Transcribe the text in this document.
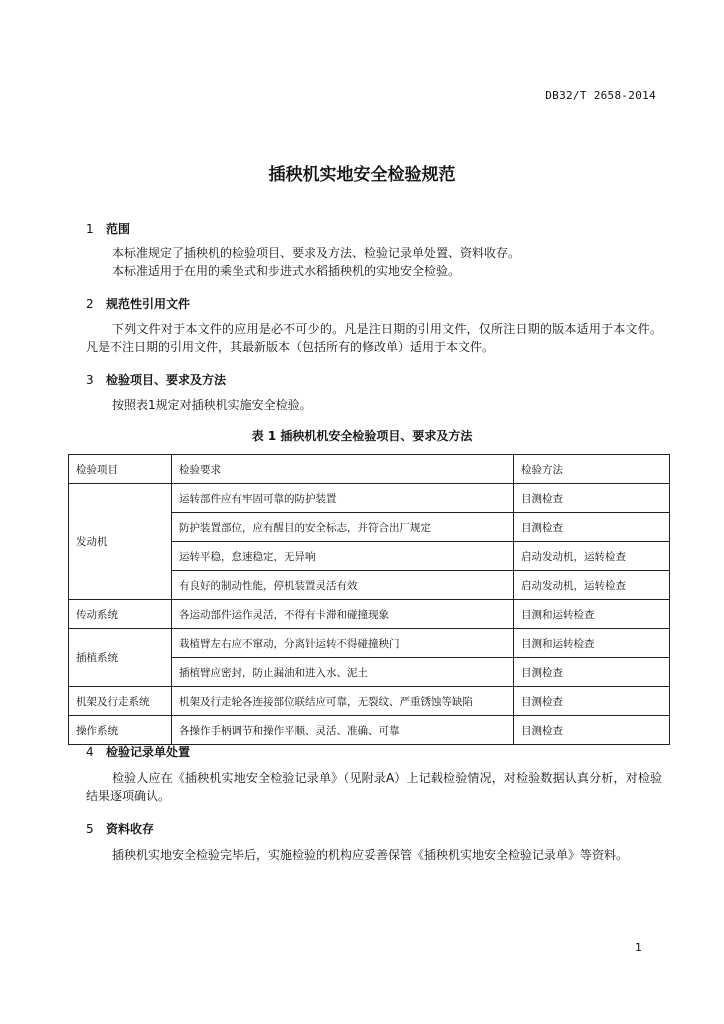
DB32/T 2658-2014
插秧机实地安全检验规范
1 范围
本标准规定了插秧机的检验项目、要求及方法、检验记录单处置、资料收存。
本标准适用于在用的乘坐式和步进式水稻插秧机的实地安全检验。
2 规范性引用文件
下列文件对于本文件的应用是必不可少的。凡是注日期的引用文件，仅所注日期的版本适用于本文件。凡是不注日期的引用文件，其最新版本（包括所有的修改单）适用于本文件。
3 检验项目、要求及方法
按照表1规定对插秧机实施安全检验。
表 1 插秧机机安全检验项目、要求及方法
检验项目	检验要求	检验方法
发动机	运转部件应有牢固可靠的防护装置	目测检查
	防护装置部位，应有醒目的安全标志，并符合出厂规定	目测检查
	运转平稳，怠速稳定，无异响	启动发动机，运转检查
	有良好的制动性能，停机装置灵活有效	启动发动机，运转检查
传动系统	各运动部件运作灵活，不得有卡滞和碰撞现象	目测和运转检查
插植系统	栽植臂左右应不窜动，分离针运转不得碰撞秧门	目测和运转检查
	插植臂应密封，防止漏油和进入水、泥土	目测检查
机架及行走系统	机架及行走轮各连接部位联结应可靠，无裂纹、严重锈蚀等缺陷	目测检查
操作系统	各操作手柄调节和操作平顺、灵活、准确、可靠	目测检查
4 检验记录单处置
检验人应在《插秧机实地安全检验记录单》（见附录A）上记载检验情况，对检验数据认真分析，对检验结果逐项确认。
5 资料收存
插秧机实地安全检验完毕后，实施检验的机构应妥善保管《插秧机实地安全检验记录单》等资料。
1
